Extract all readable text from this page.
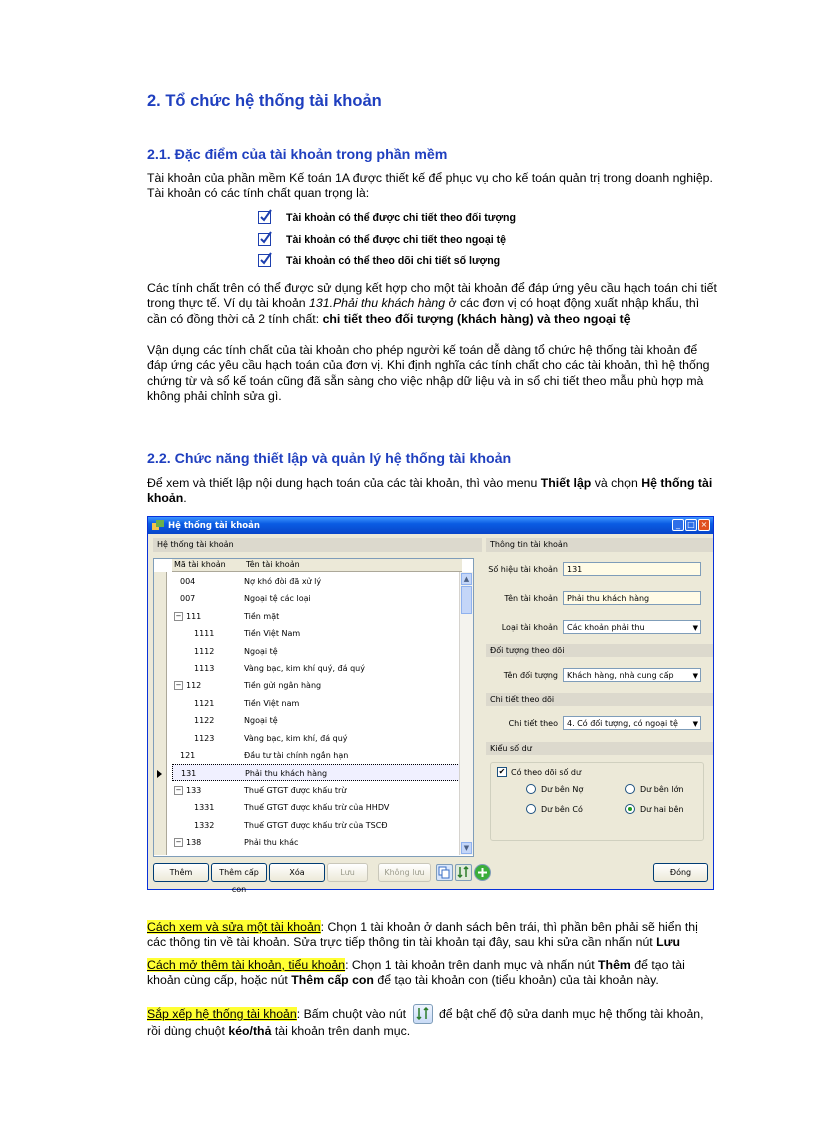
2. Tổ chức hệ thống tài khoản
2.1. Đặc điểm của tài khoản trong phần mềm

Tài khoản của phần mềm Kế toán 1A được thiết kế để phục vụ cho kế toán quản trị trong doanh nghiệp. Tài khoản có các tính chất quan trọng là:

Tài khoản có thể được chi tiết theo đối tượng
Tài khoản có thể được chi tiết theo ngoại tệ
Tài khoản có thể theo dõi chi tiết số lượng

Các tính chất trên có thể được sử dụng kết hợp cho một tài khoản để đáp ứng yêu cầu hạch toán chi tiết trong thực tế. Ví dụ tài khoản 131.Phải thu khách hàng ở các đơn vị có hoạt động xuất nhập khẩu, thì cần có đồng thời cả 2 tính chất: chi tiết theo đối tượng (khách hàng) và theo ngoại tệ

Vận dụng các tính chất của tài khoản cho phép người kế toán dễ dàng tổ chức hệ thống tài khoản để đáp ứng các yêu cầu hạch toán của đơn vị. Khi định nghĩa các tính chất cho các tài khoản, thì hệ thống chứng từ và sổ kế toán cũng đã sẵn sàng cho việc nhập dữ liệu và in sổ chi tiết theo mẫu phù hợp mà không phải chỉnh sửa gì.

2.2. Chức năng thiết lập và quản lý hệ thống tài khoản

Để xem và thiết lập nội dung hạch toán của các tài khoản, thì vào menu Thiết lập và chọn Hệ thống tài khoản.

Hệ thống tài khoản	_ □ ×
Hệ thống tài khoản	Thông tin tài khoản
Mã tài khoản	Tên tài khoản
004	Nợ khó đòi đã xử lý
007	Ngoại tệ các loại
− 111	Tiền mặt
1111	Tiền Việt Nam
1112	Ngoại tệ
1113	Vàng bạc, kim khí quý, đá quý
− 112	Tiền gửi ngân hàng
1121	Tiền Việt nam
1122	Ngoại tệ
1123	Vàng bạc, kim khí, đá quý
121	Đầu tư tài chính ngắn hạn
131	Phải thu khách hàng
− 133	Thuế GTGT được khấu trừ
1331	Thuế GTGT được khấu trừ của HHDV
1332	Thuế GTGT được khấu trừ của TSCĐ
− 138	Phải thu khác
▲
▼
Số hiệu tài khoản	131
Tên tài khoản	Phải thu khách hàng
Loại tài khoản	Các khoản phải thu	▼
Đối tượng theo dõi
Tên đối tượng	Khách hàng, nhà cung cấp	▼
Chi tiết theo dõi
Chi tiết theo	4. Có đối tượng, có ngoại tệ ▼
Kiểu số dư
✔ Có theo dõi số dư
Dư bên Nợ	Dư bên lớn
Dư bên Có	Dư hai bên
Thêm	Thêm cấp con
Xóa	Lưu	Không lưu	Đóng

Cách xem và sửa một tài khoản: Chọn 1 tài khoản ở danh sách bên trái, thì phần bên phải sẽ hiển thị các thông tin về tài khoản. Sửa trực tiếp thông tin tài khoản tại đây, sau khi sửa cần nhấn nút Lưu

Cách mở thêm tài khoản, tiểu khoản: Chọn 1 tài khoản trên danh mục và nhấn nút Thêm để tạo tài khoản cùng cấp, hoặc nút Thêm cấp con để tạo tài khoản con (tiểu khoản) của tài khoản này.

Sắp xếp hệ thống tài khoản: Bấm chuột vào nút  để bật chế độ sửa danh mục hệ thống tài khoản, rồi dùng chuột kéo/thả tài khoản trên danh mục.
